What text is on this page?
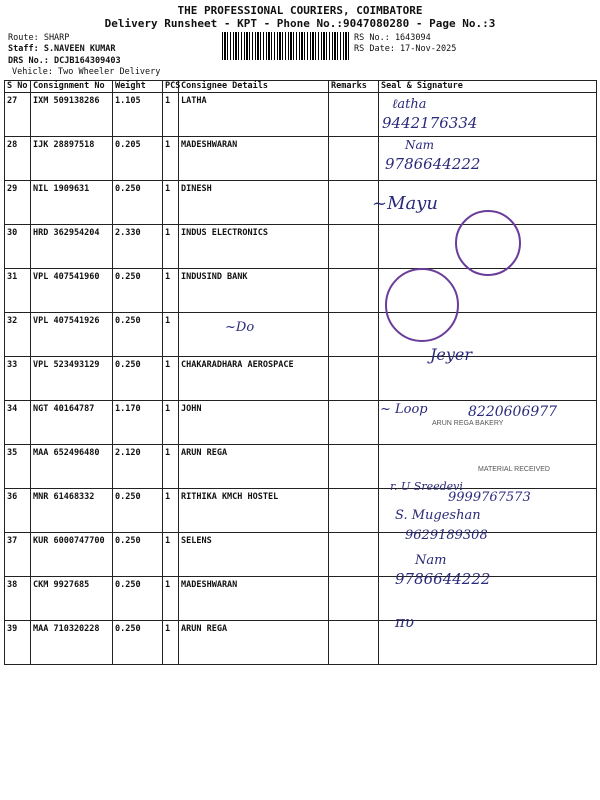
THE PROFESSIONAL COURIERS, COIMBATORE
Delivery Runsheet - KPT - Phone No.:9047080280 - Page No.:3
Route: SHARP
Staff: S.NAVEEN KUMAR
DRS No.: DCJB164309403
Vehicle: Two Wheeler Delivery
RS No.: 1643094
RS Date: 17-Nov-2025
S No	Consignment No	Weight	PCS	Consignee Details	Remarks	Seal & Signature
27	IXM 509138286	1.105	1	LATHA		
28	IJK 28897518	0.205	1	MADESHWARAN		
29	NIL 1909631	0.250	1	DINESH		
30	HRD 362954204	2.330	1	INDUS ELECTRONICS		
31	VPL 407541960	0.250	1	INDUSIND BANK		
32	VPL 407541926	0.250	1			
33	VPL 523493129	0.250	1	CHAKARADHARA AEROSPACE		
34	NGT 40164787	1.170	1	JOHN		
35	MAA 652496480	2.120	1	ARUN REGA		
36	MNR 61468332	0.250	1	RITHIKA KMCH HOSTEL		
37	KUR 6000747700	0.250	1	SELENS		
38	CKM 9927685	0.250	1	MADESHWARAN		
39	MAA 710320228	0.250	1	ARUN REGA		
ℓatha
9442176334
Nam
9786644222
~Mayu
~Do
Jeyer
~ Loop	8220606977
ARUN REGA BAKERY
r. U Sreedevi
9999767573
MATERIAL RECEIVED
S. Mugeshan
9629189308
Nam
9786644222
πυ
